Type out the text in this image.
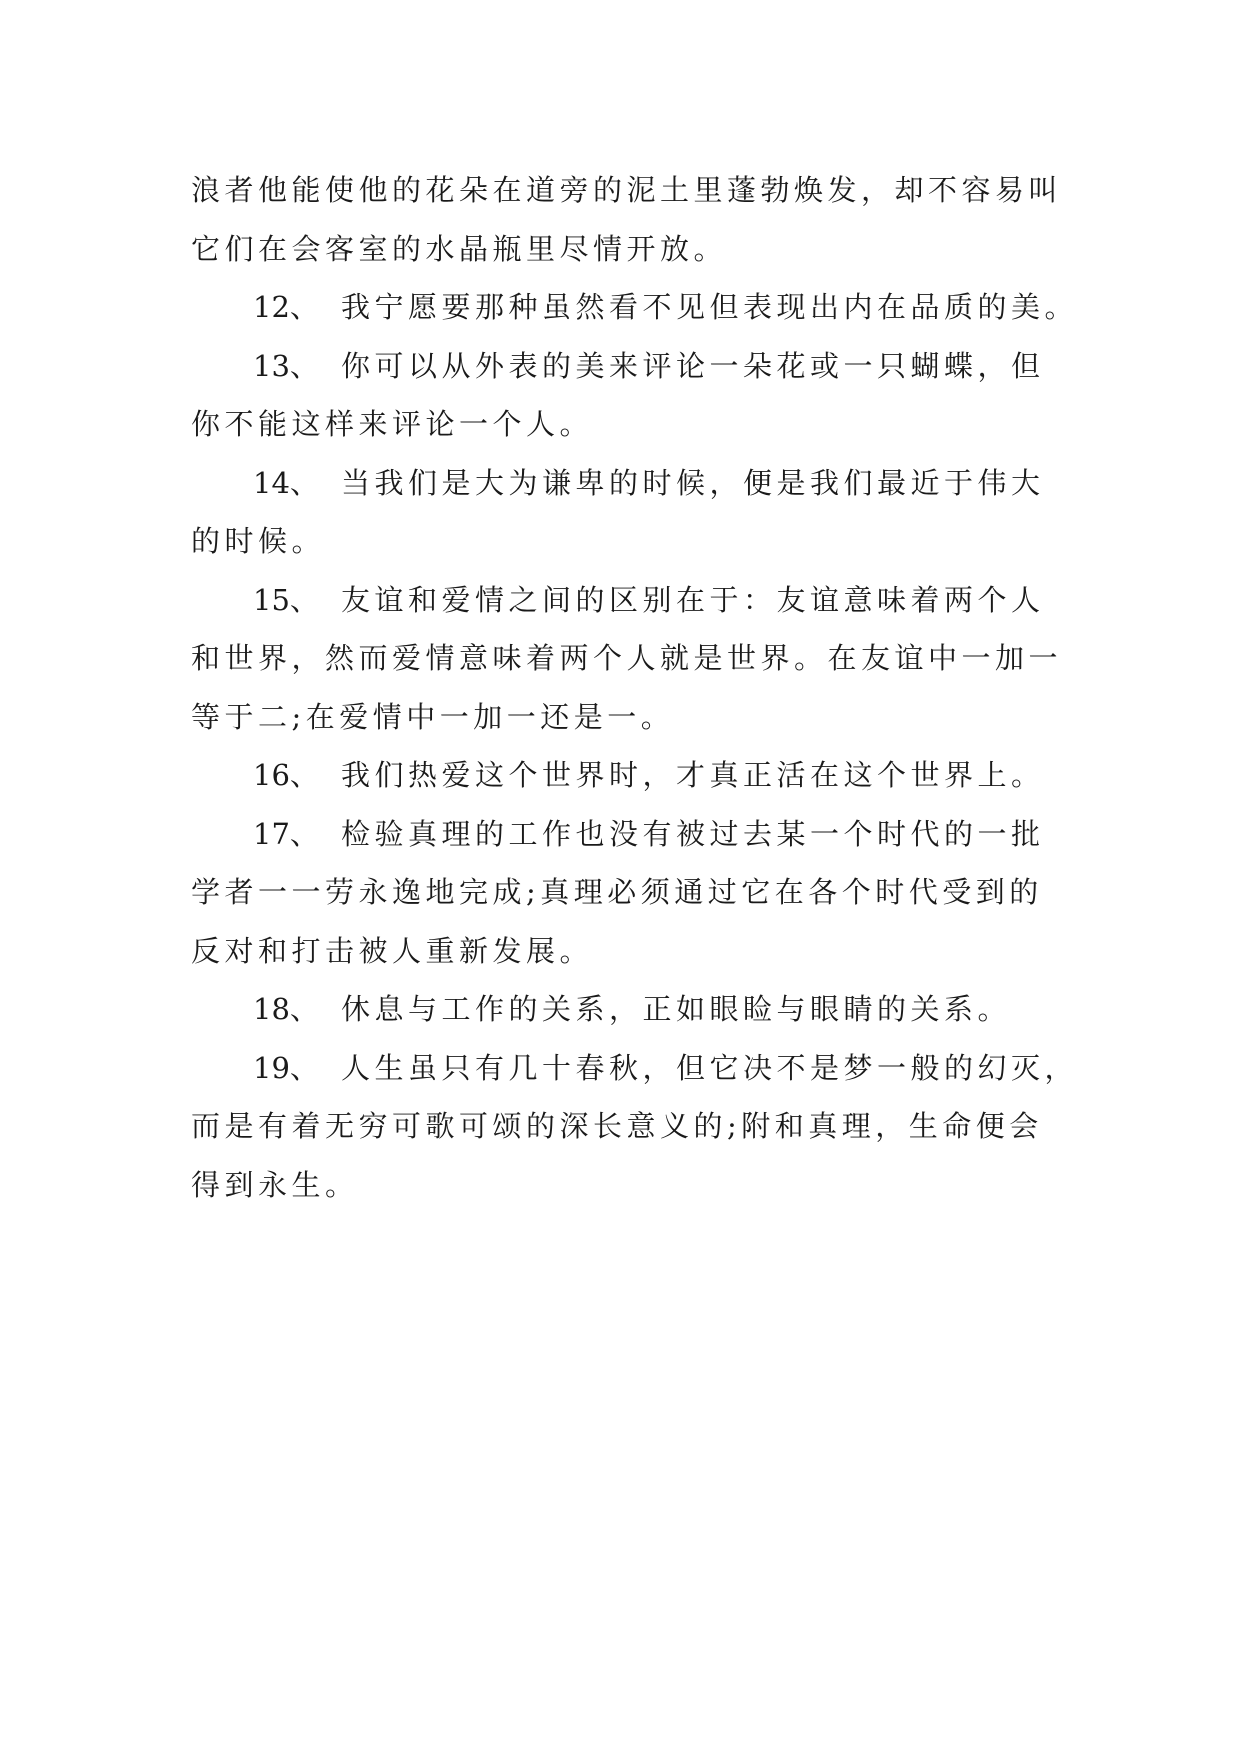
浪者他能使他的花朵在道旁的泥土里蓬勃焕发，却不容易叫
它们在会客室的水晶瓶里尽情开放。
12、 我宁愿要那种虽然看不见但表现出内在品质的美。
13、 你可以从外表的美来评论一朵花或一只蝴蝶，但
你不能这样来评论一个人。
14、 当我们是大为谦卑的时候，便是我们最近于伟大
的时候。
15、 友谊和爱情之间的区别在于：友谊意味着两个人
和世界，然而爱情意味着两个人就是世界。在友谊中一加一
等于二;在爱情中一加一还是一。
16、 我们热爱这个世界时，才真正活在这个世界上。
17、 检验真理的工作也没有被过去某一个时代的一批
学者一一劳永逸地完成;真理必须通过它在各个时代受到的
反对和打击被人重新发展。
18、 休息与工作的关系，正如眼睑与眼睛的关系。
19、 人生虽只有几十春秋，但它决不是梦一般的幻灭，
而是有着无穷可歌可颂的深长意义的;附和真理，生命便会
得到永生。
